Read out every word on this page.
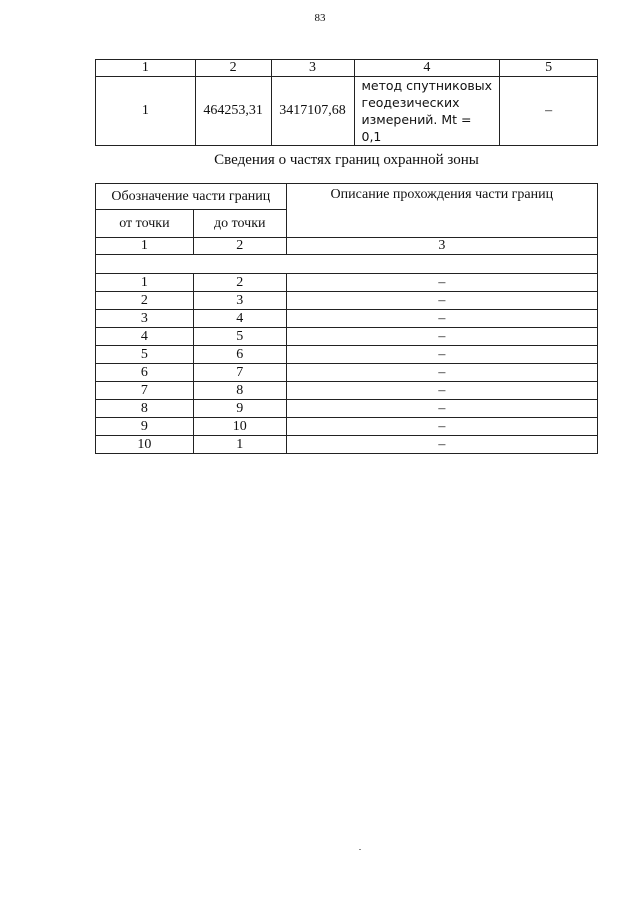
83
1	2	3	4	5
1	464253,31	3417107,68	метод спутниковых
геодезических
измерений. Mt = 0,1	–
Сведения о частях границ охранной зоны
Обозначение части границ		Описание прохождения части границ
от точки	до точки	
1	2	3

1	2	–
2	3	–
3	4	–
4	5	–
5	6	–
6	7	–
7	8	–
8	9	–
9	10	–
10	1	–
